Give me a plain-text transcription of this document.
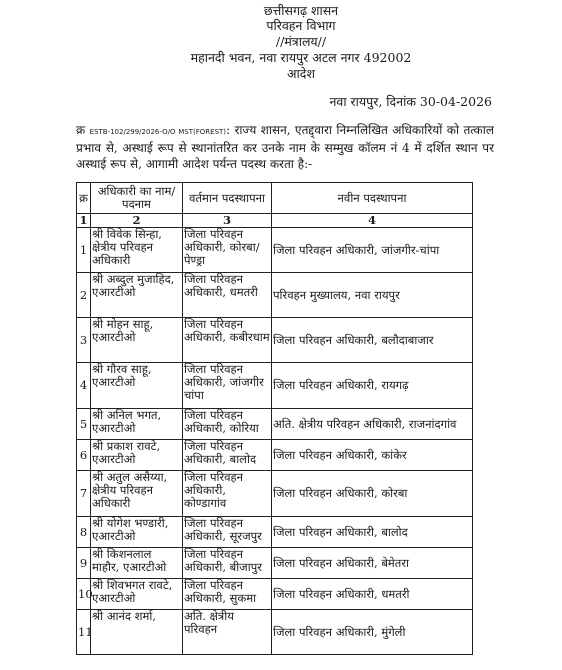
छत्तीसगढ़ शासन
परिवहन विभाग
//मंत्रालय//
महानदी भवन, नवा रायपुर अटल नगर 492002
आदेश
नवा रायपुर, दिनांक 30-04-2026
क्र ESTB-102/299/2026-O/O MST(FOREST): राज्य शासन, एतद्द्वारा निम्नलिखित अधिकारियों को तत्काल प्रभाव से, अस्थाई रूप से स्थानांतरित कर उनके नाम के सम्मुख कॉलम नं 4 में दर्शित स्थान पर अस्थाई रूप से, आगामी आदेश पर्यन्त पदस्थ करता है:-
क्र	अधिकारी का नाम/पदनाम	वर्तमान पदस्थापना	नवीन पदस्थापना
1	2	3	4
1	श्री विवेक सिन्हा, क्षेत्रीय परिवहन अधिकारी	जिला परिवहन अधिकारी, कोरबा/पेण्ड्रा	जिला परिवहन अधिकारी, जांजगीर-चांपा
2	श्री अब्दुल मुजाहिद, एआरटीओ	जिला परिवहन अधिकारी, धमतरी	परिवहन मुख्यालय, नवा रायपुर
3	श्री मोहन साहू, एआरटीओ	जिला परिवहन अधिकारी, कबीरधाम	जिला परिवहन अधिकारी, बलौदाबाजार
4	श्री गौरव साहू, एआरटीओ	जिला परिवहन अधिकारी, जांजगीर चांपा	जिला परिवहन अधिकारी, रायगढ़
5	श्री अनिल भगत, एआरटीओ	जिला परिवहन अधिकारी, कोरिया	अति. क्षेत्रीय परिवहन अधिकारी, राजनांदगांव
6	श्री प्रकाश रावटे, एआरटीओ	जिला परिवहन अधिकारी, बालोद	जिला परिवहन अधिकारी, कांकेर
7	श्री अतुल असैय्या, क्षेत्रीय परिवहन अधिकारी	जिला परिवहन अधिकारी, कोण्डागांव	जिला परिवहन अधिकारी, कोरबा
8	श्री योगेश भण्डारी, एआरटीओ	जिला परिवहन अधिकारी, सूरजपुर	जिला परिवहन अधिकारी, बालोद
9	श्री किशनलाल माहौर, एआरटीओ	जिला परिवहन अधिकारी, बीजापुर	जिला परिवहन अधिकारी, बेमेतरा
10	श्री शिवभगत रावटे, एआरटीओ	जिला परिवहन अधिकारी, सुकमा	जिला परिवहन अधिकारी, धमतरी
11	श्री आनंद शर्मा,	अति. क्षेत्रीय परिवहन	जिला परिवहन अधिकारी, मुंगेली
